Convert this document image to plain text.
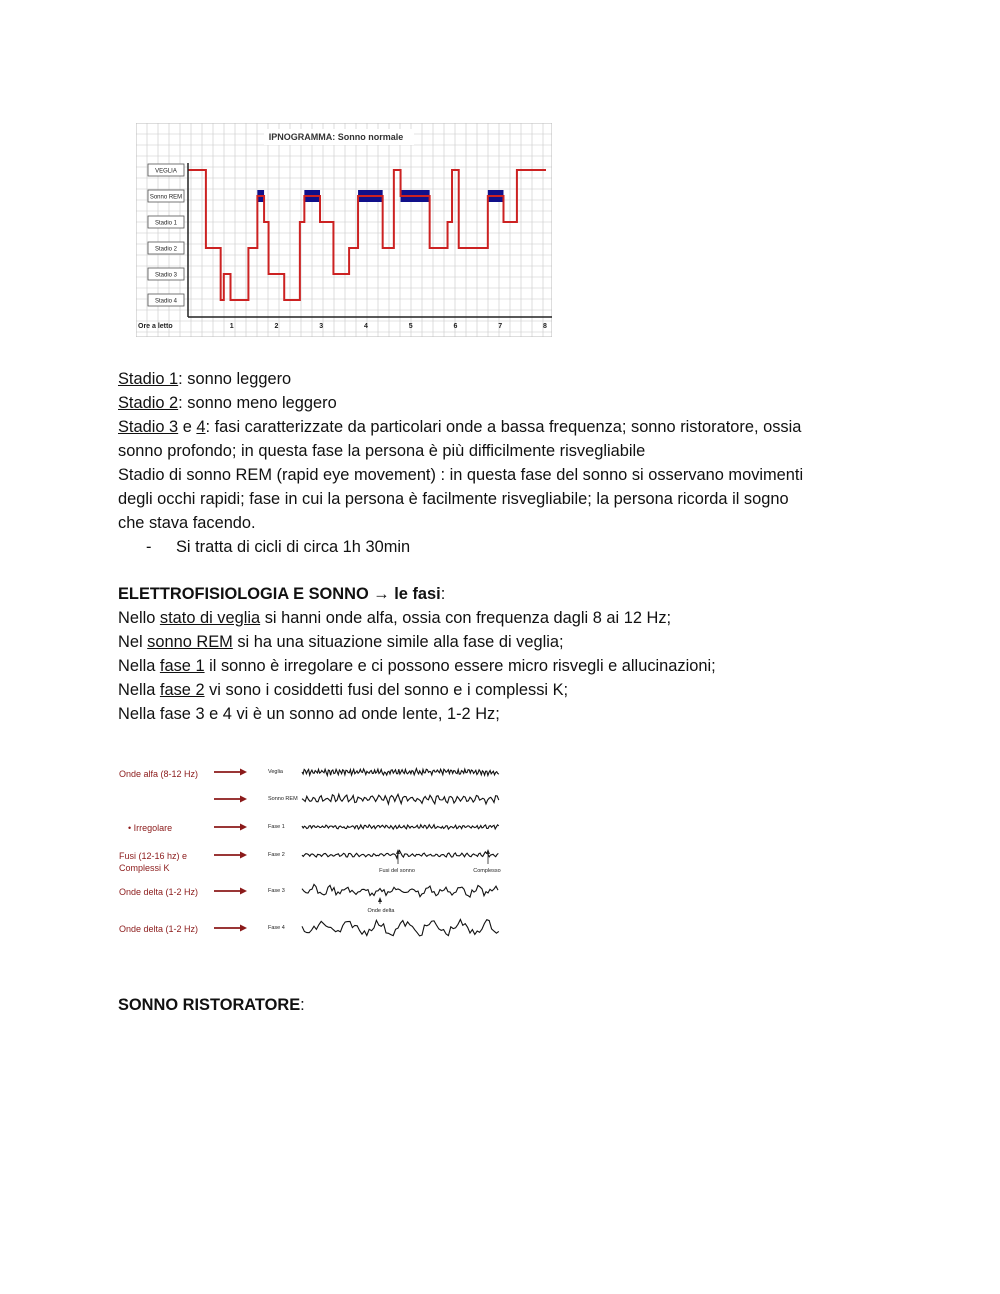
IPNOGRAMMA: Sonno normale
VEGLIA
Sonno REM
Stadio 1
Stadio 2
Stadio 3
Stadio 4
Ore a letto	1	2	3	4	5	6	7	8
Stadio 1: sonno leggero
Stadio 2: sonno meno leggero
Stadio 3 e 4: fasi caratterizzate da particolari onde a bassa frequenza; sonno ristoratore, ossia
sonno profondo; in questa fase la persona è più difficilmente risvegliabile
Stadio di sonno REM (rapid eye movement) : in questa fase del sonno si osservano movimenti
degli occhi rapidi; fase in cui la persona è facilmente risvegliabile; la persona ricorda il sogno
che stava facendo.
- Si tratta di cicli di circa 1h 30min
ELETTROFISIOLOGIA E SONNO → le fasi:
Nello stato di veglia si hanni onde alfa, ossia con frequenza dagli 8 ai 12 Hz;
Nel sonno REM si ha una situazione simile alla fase di veglia;
Nella fase 1 il sonno è irregolare e ci possono essere micro risvegli e allucinazioni;
Nella fase 2 vi sono i cosiddetti fusi del sonno e i complessi K;
Nella fase 3 e 4 vi è un sonno ad onde lente, 1-2 Hz;
Onde alfa (8-12 Hz)
• Irregolare
Fusi (12-16 hz) e
Complessi K
Onde delta (1-2 Hz)
Onde delta (1-2 Hz)
Veglia
Sonno REM
Fase 1
Fase 2
Fase 3
Fase 4
Fusi del sonno	Complesso
Onde delta
SONNO RISTORATORE:
